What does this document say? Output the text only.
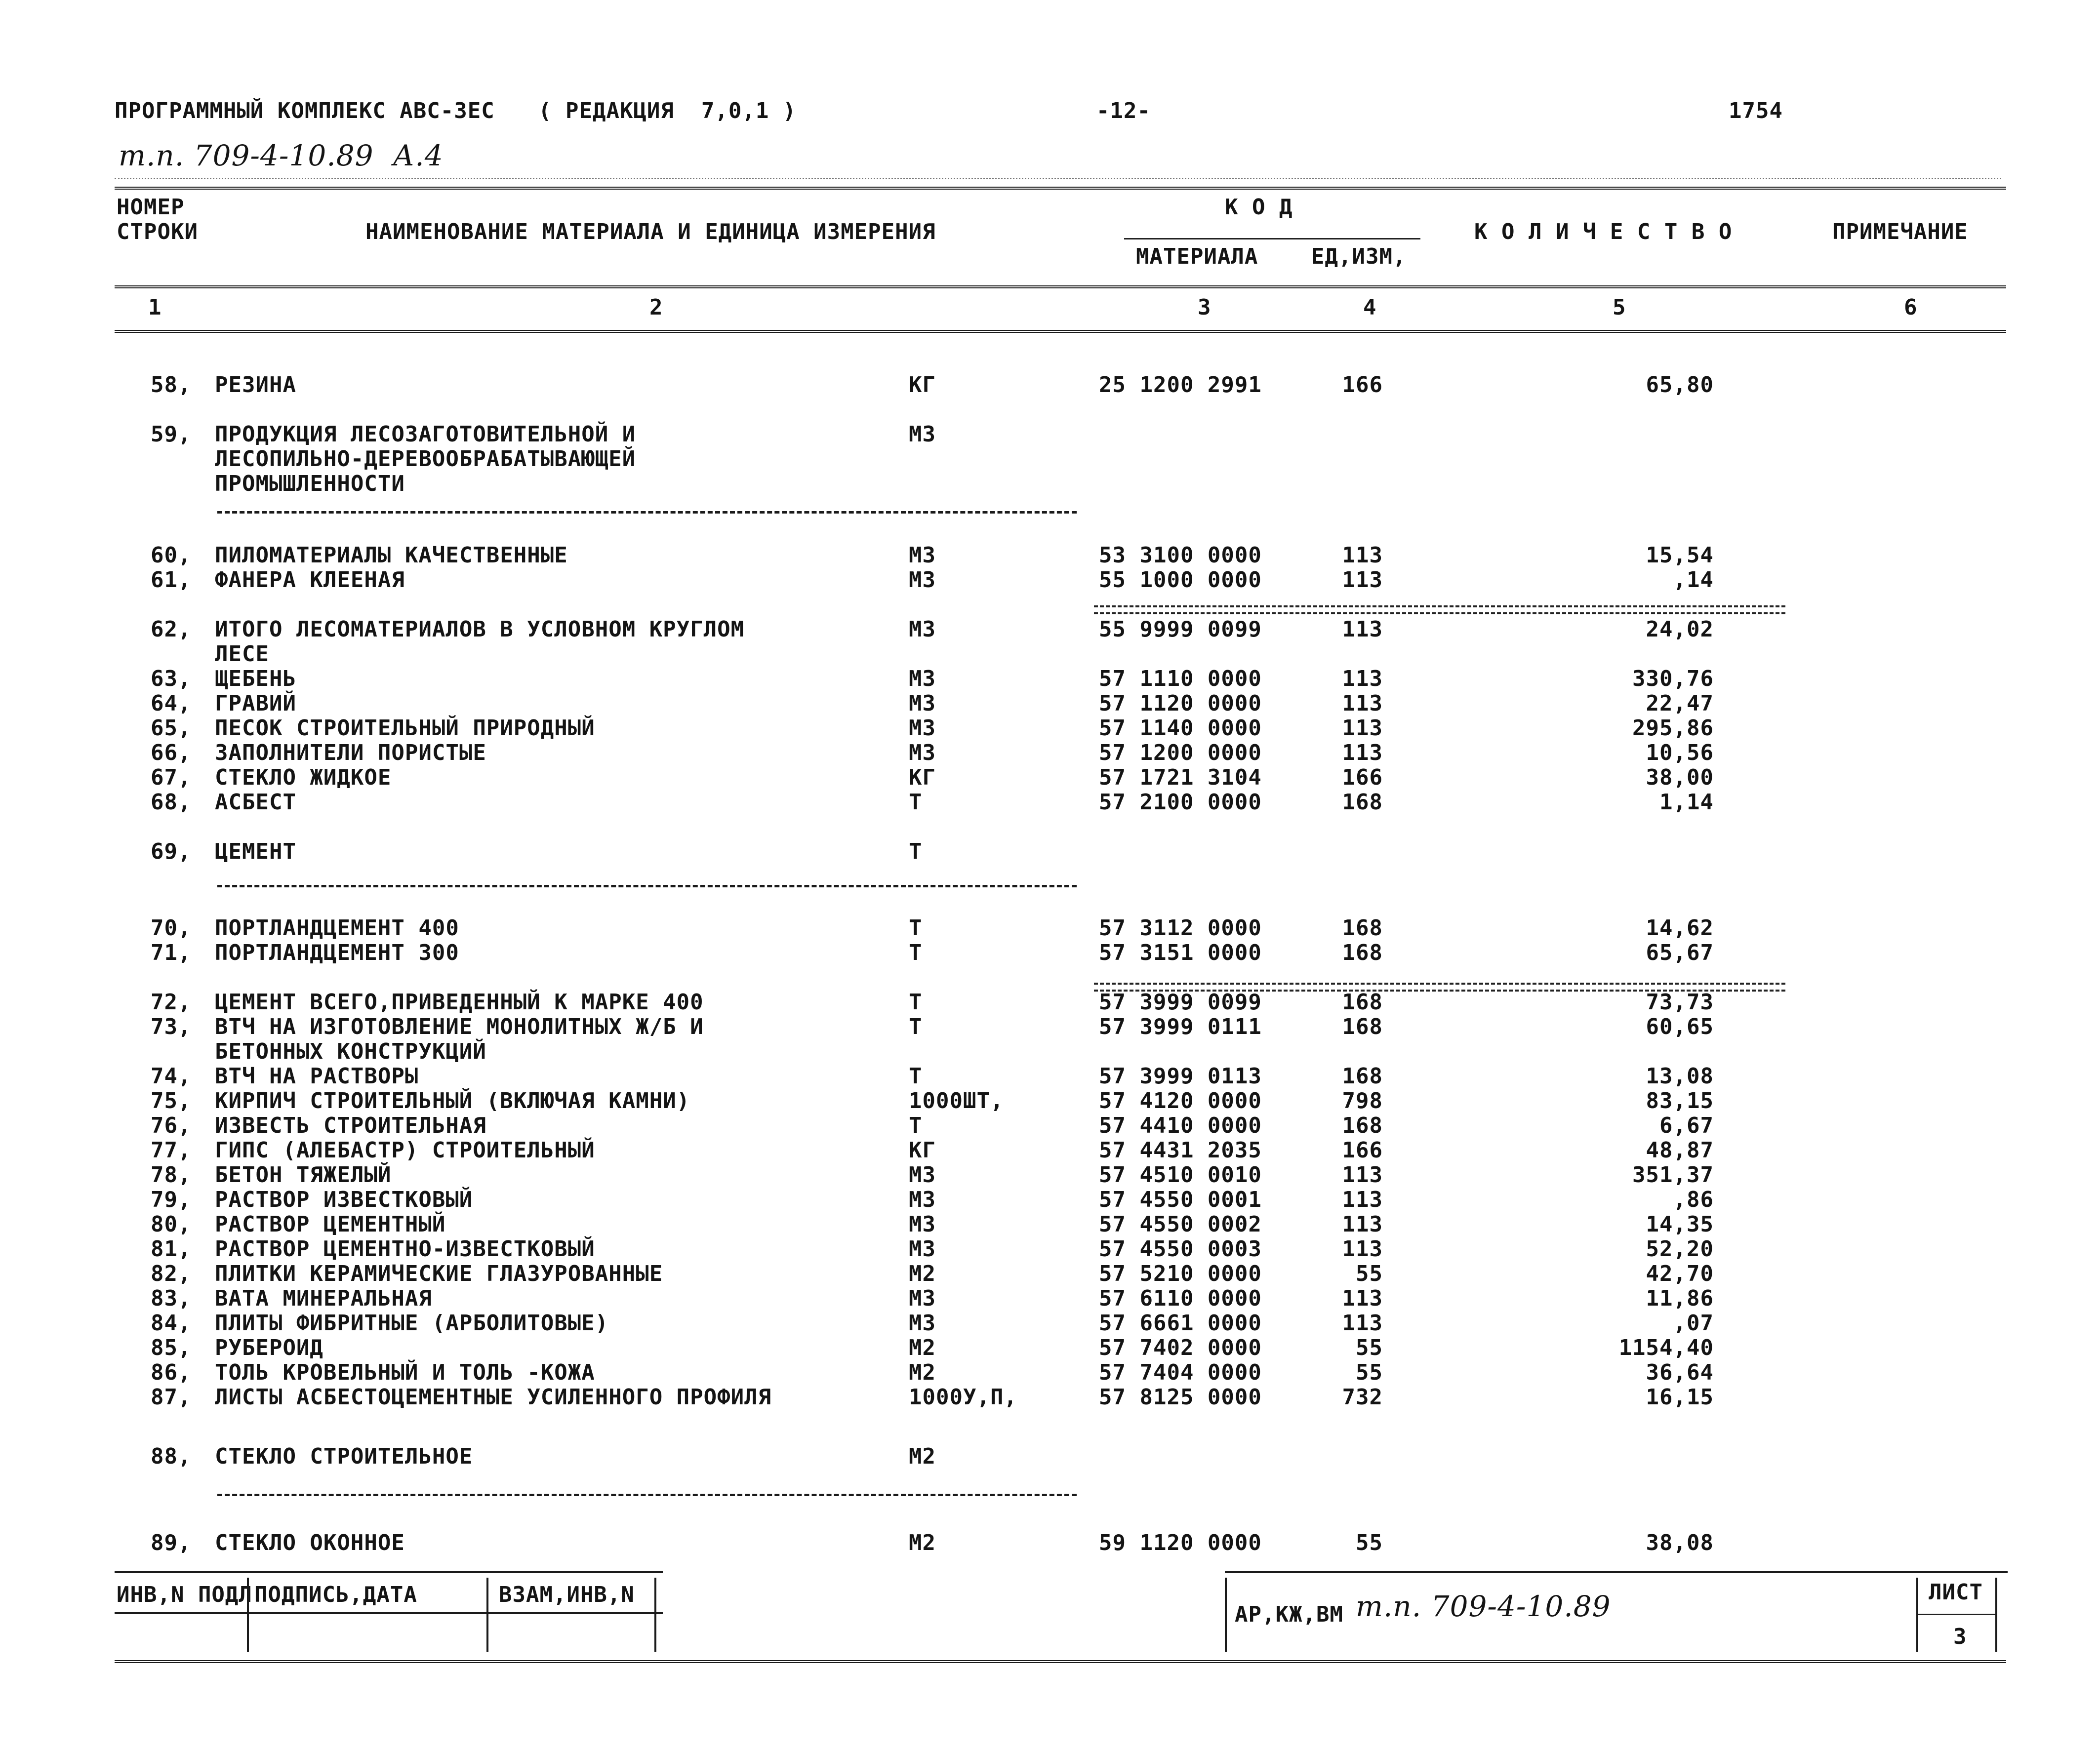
ПРОГРАММНЫЙ КОМПЛЕКС АВС-3ЕС ( РЕДАКЦИЯ  7,0,1 )	-12-	1754
т.п. 709-4-10.89  А.4
НОМЕР
СТРОКИ	НАИМЕНОВАНИЕ МАТЕРИАЛА И ЕДИНИЦА ИЗМЕРЕНИЯ
К О Д
МАТЕРИАЛА ЕД,ИЗМ,
К О Л И Ч Е С Т В О	ПРИМЕЧАНИЕ
1	2	3	4	5	6
58, РЕЗИНА	КГ	25 1200 2991	166	65,80
59, ПРОДУКЦИЯ ЛЕСОЗАГОТОВИТЕЛЬНОЙ И
ЛЕСОПИЛЬНО-ДЕРЕВООБРАБАТЫВАЮЩЕЙ
ПРОМЫШЛЕННОСТИ
М3
60, ПИЛОМАТЕРИАЛЫ КАЧЕСТВЕННЫЕ	М3	53 3100 0000	113	15,54
61, ФАНЕРА КЛЕЕНАЯ	М3	55 1000 0000	113	,14
62, ИТОГО ЛЕСОМАТЕРИАЛОВ В УСЛОВНОМ КРУГЛОМ
ЛЕСЕ
М3	55 9999 0099	113	24,02
63, ЩЕБЕНЬ	М3	57 1110 0000	113	330,76
64, ГРАВИЙ	М3	57 1120 0000	113	22,47
65, ПЕСОК СТРОИТЕЛЬНЫЙ ПРИРОДНЫЙ	М3	57 1140 0000	113	295,86
66, ЗАПОЛНИТЕЛИ ПОРИСТЫЕ	М3	57 1200 0000	113	10,56
67, СТЕКЛО ЖИДКОЕ	КГ	57 1721 3104	166	38,00
68, АСБЕСТ	Т	57 2100 0000	168	1,14
69, ЦЕМЕНТ	Т
70, ПОРТЛАНДЦЕМЕНТ 400	Т	57 3112 0000	168	14,62
71, ПОРТЛАНДЦЕМЕНТ 300	Т	57 3151 0000	168	65,67
72, ЦЕМЕНТ ВСЕГО,ПРИВЕДЕННЫЙ К МАРКЕ 400	Т	57 3999 0099	168	73,73
73, ВТЧ НА ИЗГОТОВЛЕНИЕ МОНОЛИТНЫХ Ж/Б И
БЕТОННЫХ КОНСТРУКЦИЙ
Т	57 3999 0111	168	60,65
74, ВТЧ НА РАСТВОРЫ	Т	57 3999 0113	168	13,08
75, КИРПИЧ СТРОИТЕЛЬНЫЙ (ВКЛЮЧАЯ КАМНИ)	1000ШТ,	57 4120 0000	798	83,15
76, ИЗВЕСТЬ СТРОИТЕЛЬНАЯ	Т	57 4410 0000	168	6,67
77, ГИПС (АЛЕБАСТР) СТРОИТЕЛЬНЫЙ	КГ	57 4431 2035	166	48,87
78, БЕТОН ТЯЖЕЛЫЙ	М3	57 4510 0010	113	351,37
79, РАСТВОР ИЗВЕСТКОВЫЙ	М3	57 4550 0001	113	,86
80, РАСТВОР ЦЕМЕНТНЫЙ	М3	57 4550 0002	113	14,35
81, РАСТВОР ЦЕМЕНТНО-ИЗВЕСТКОВЫЙ	М3	57 4550 0003	113	52,20
82, ПЛИТКИ КЕРАМИЧЕСКИЕ ГЛАЗУРОВАННЫЕ	М2	57 5210 0000	55	42,70
83, ВАТА МИНЕРАЛЬНАЯ	М3	57 6110 0000	113	11,86
84, ПЛИТЫ ФИБРИТНЫЕ (АРБОЛИТОВЫЕ)	М3	57 6661 0000	113	,07
85, РУБЕРОИД	М2	57 7402 0000	55	1154,40
86, ТОЛЬ КРОВЕЛЬНЫЙ И ТОЛЬ -КОЖА	М2	57 7404 0000	55	36,64
87, ЛИСТЫ АСБЕСТОЦЕМЕНТНЫЕ УСИЛЕННОГО ПРОФИЛЯ	1000У,П,	57 8125 0000	732	16,15
88, СТЕКЛО СТРОИТЕЛЬНОЕ	М2
89, СТЕКЛО ОКОННОЕ	М2	59 1120 0000	55	38,08
ИНВ,N ПОДЛ ПОДПИСЬ,ДАТА	ВЗАМ,ИНВ,N
АР,КЖ,ВМ т.п. 709-4-10.89	ЛИСТ
3
